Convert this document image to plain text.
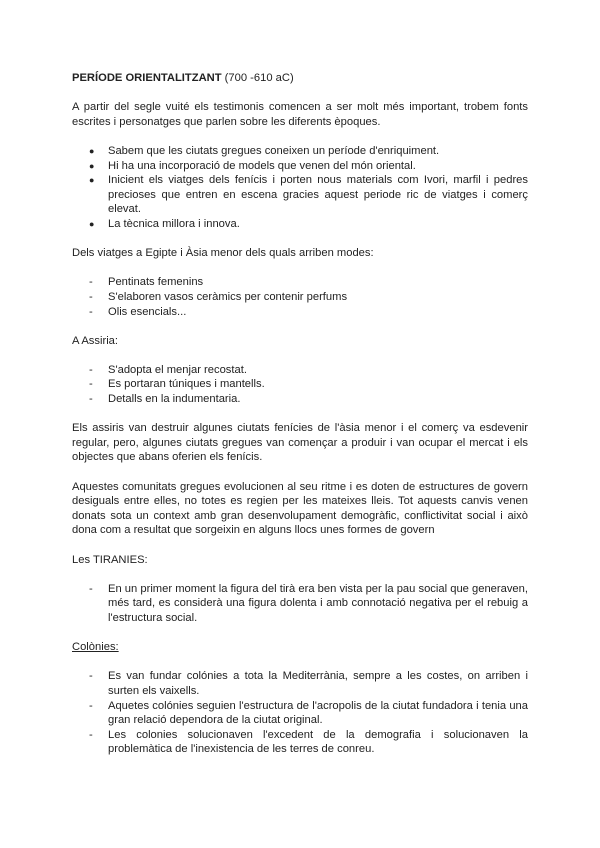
PERÍODE ORIENTALITZANT (700 -610 aC)

A partir del segle vuité els testimonis comencen a ser molt més important, trobem fonts escrites i personatges que parlen sobre les diferents èpoques.

● Sabem que les ciutats gregues coneixen un període d'enriquiment.
● Hi ha una incorporació de models que venen del món oriental.
● Inicient els viatges dels fenícis i porten nous materials com Ivori, marfil i pedres precioses que entren en escena gracies aquest periode ric de viatges i comerç elevat.
● La tècnica millora i innova.

Dels viatges a Egipte i Àsia menor dels quals arriben modes:

- Pentinats femenins
- S'elaboren vasos ceràmics per contenir perfums
- Olis esencials...

A Assiria:

- S'adopta el menjar recostat.
- Es portaran túniques i mantells.
- Detalls en la indumentaria.

Els assiris van destruir algunes ciutats fenícies de l'àsia menor i el comerç va esdevenir regular, pero, algunes ciutats gregues van començar a produir i van ocupar el mercat i els objectes que abans oferien els fenícis.

Aquestes comunitats gregues evolucionen al seu ritme i es doten de estructures de govern desiguals entre elles, no totes es regien per les mateixes lleis. Tot aquests canvis venen donats sota un context amb gran desenvolupament demogràfic, conflictivitat social i això dona com a resultat que sorgeixin en alguns llocs unes formes de govern

Les TIRANIES:

- En un primer moment la figura del tirà era ben vista per la pau social que generaven, més tard, es considerà una figura dolenta i amb connotació negativa per el rebuig a l'estructura social.

Colònies:

- Es van fundar colónies a tota la Mediterrània, sempre a les costes, on arriben i surten els vaixells.
- Aquetes colónies seguien l'estructura de l'acropolis de la ciutat fundadora i tenia una gran relació dependora de la ciutat original.
- Les colonies solucionaven l'excedent de la demografia i solucionaven la problemàtica de l'inexistencia de les terres de conreu.
